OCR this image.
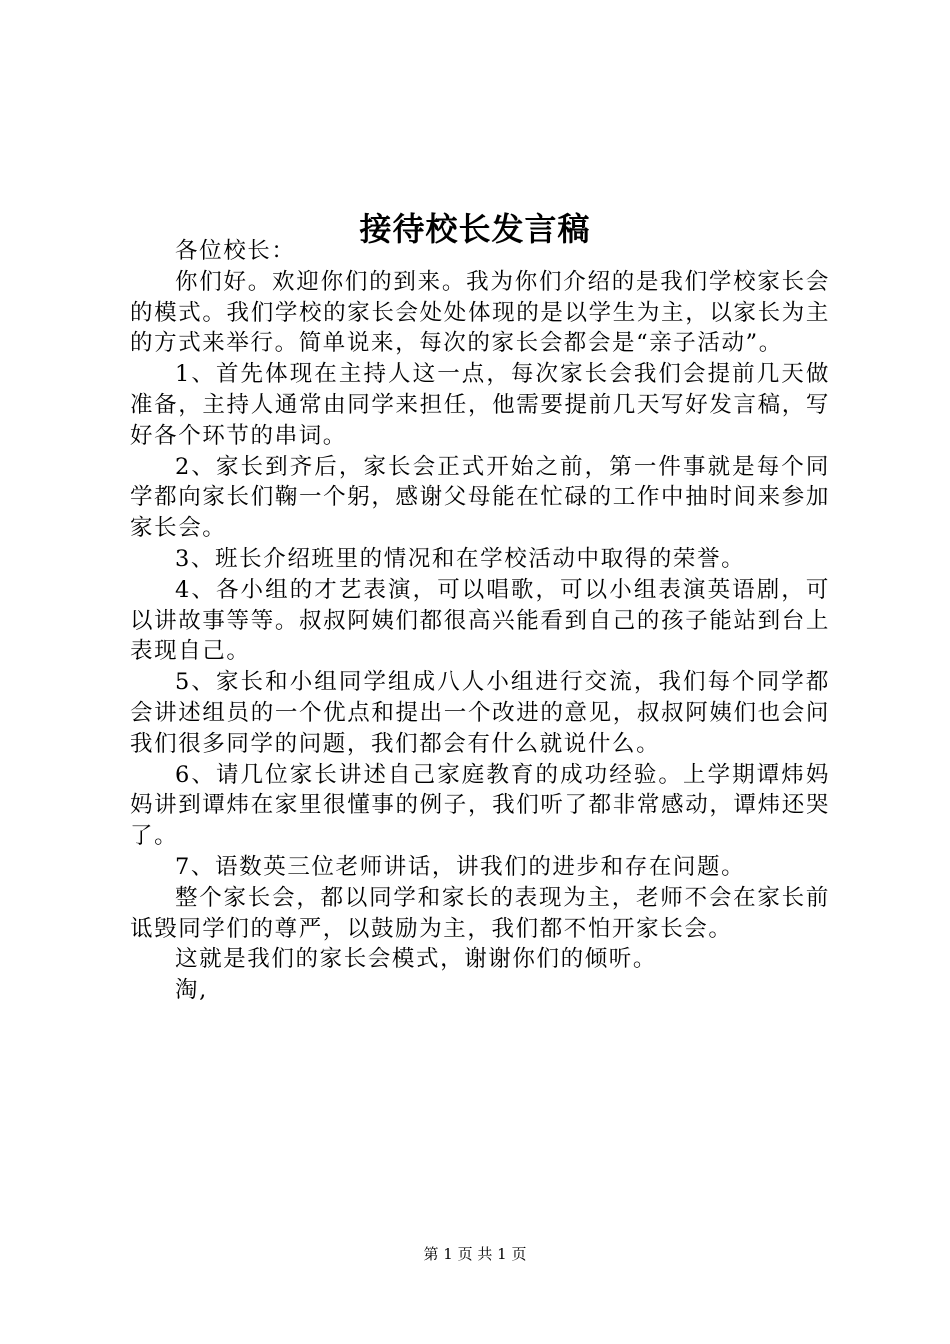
接待校长发言稿

各位校长：

你们好。欢迎你们的到来。我为你们介绍的是我们学校家长会的模式。我们学校的家长会处处体现的是以学生为主，以家长为主的方式来举行。简单说来，每次的家长会都会是“亲子活动”。

1、首先体现在主持人这一点，每次家长会我们会提前几天做准备，主持人通常由同学来担任，他需要提前几天写好发言稿，写好各个环节的串词。

2、家长到齐后，家长会正式开始之前，第一件事就是每个同学都向家长们鞠一个躬，感谢父母能在忙碌的工作中抽时间来参加家长会。

3、班长介绍班里的情况和在学校活动中取得的荣誉。

4、各小组的才艺表演，可以唱歌，可以小组表演英语剧，可以讲故事等等。叔叔阿姨们都很高兴能看到自己的孩子能站到台上表现自己。

5、家长和小组同学组成八人小组进行交流，我们每个同学都会讲述组员的一个优点和提出一个改进的意见，叔叔阿姨们也会问我们很多同学的问题，我们都会有什么就说什么。

6、请几位家长讲述自己家庭教育的成功经验。上学期谭炜妈妈讲到谭炜在家里很懂事的例子，我们听了都非常感动，谭炜还哭了。

7、语数英三位老师讲话，讲我们的进步和存在问题。

整个家长会，都以同学和家长的表现为主，老师不会在家长前诋毁同学们的尊严，以鼓励为主，我们都不怕开家长会。

这就是我们的家长会模式，谢谢你们的倾听。

淘,

第 1 页 共 1 页
